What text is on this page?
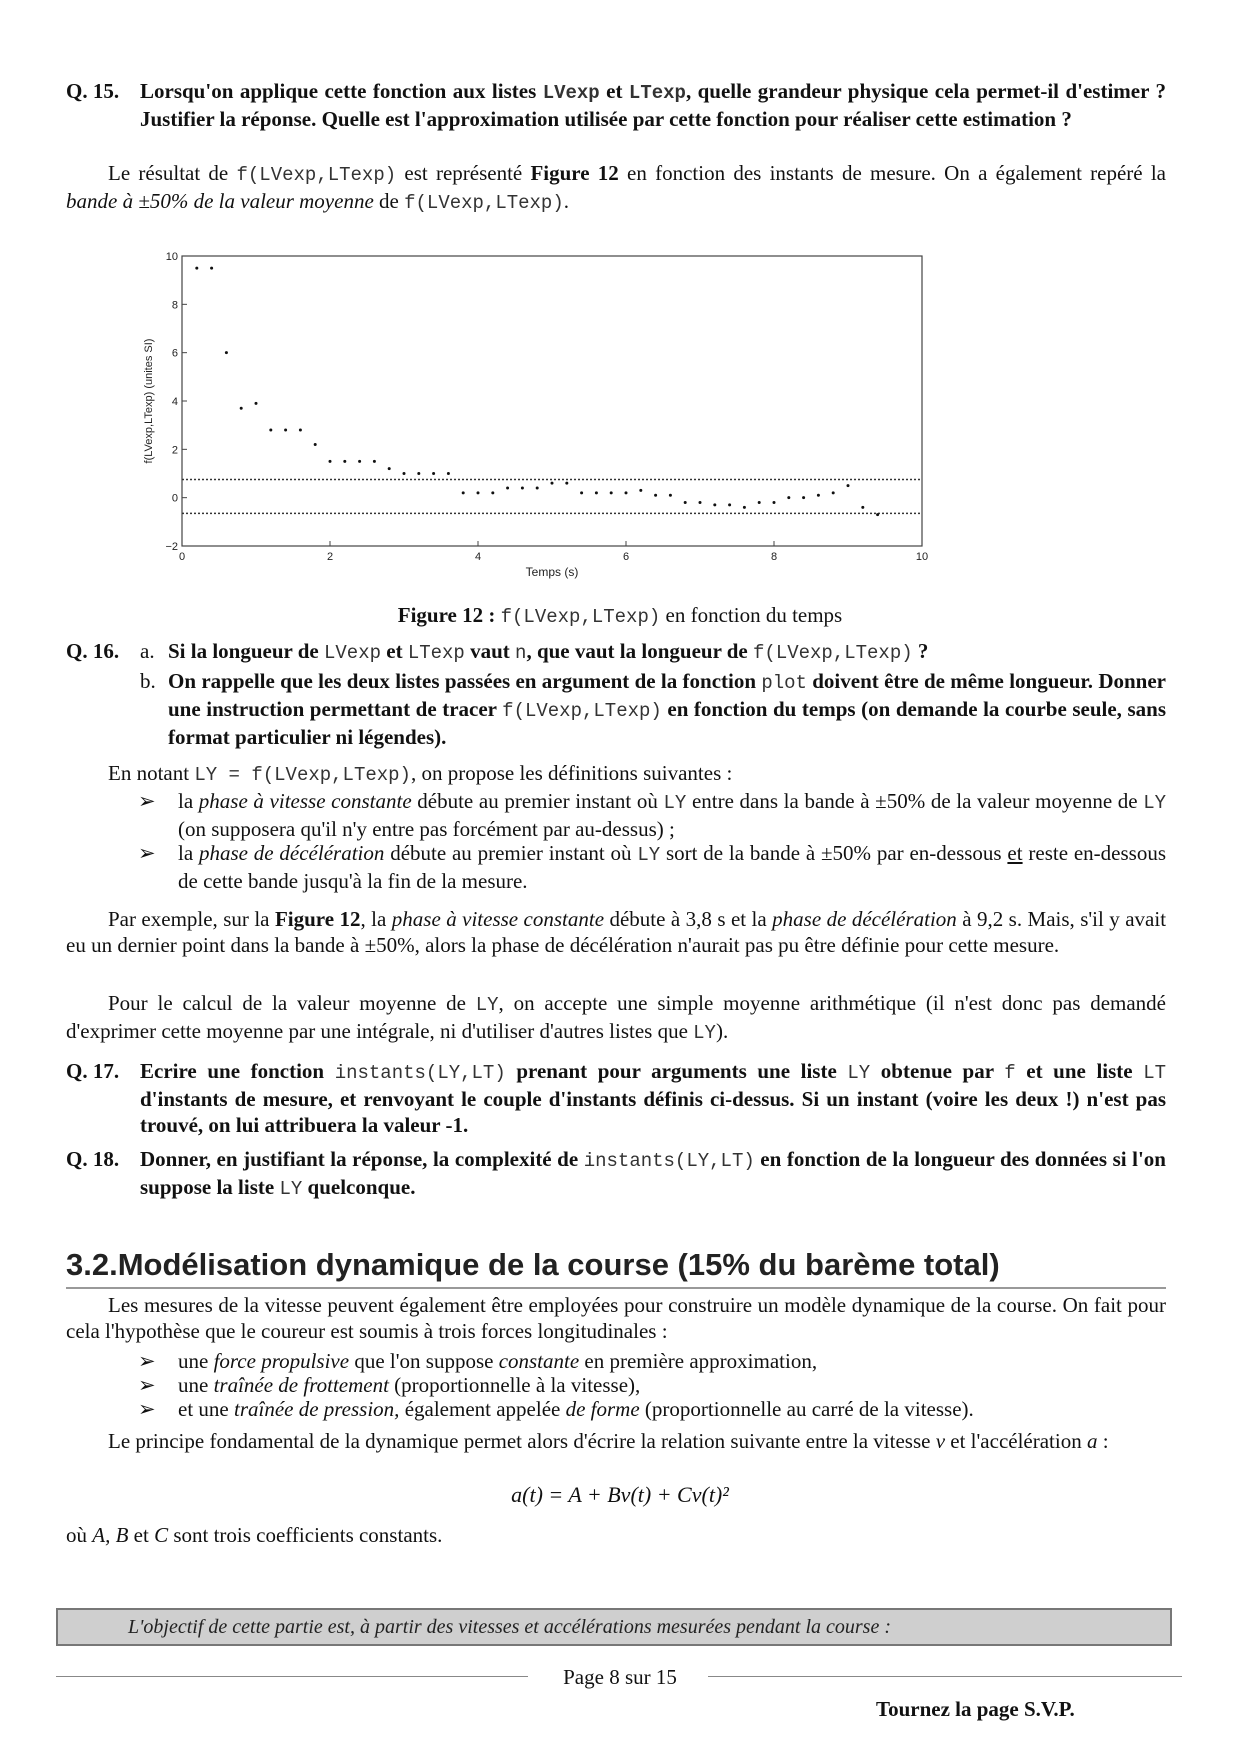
Q. 15. Lorsqu'on applique cette fonction aux listes LVexp et LTexp, quelle grandeur physique cela permet-il d'estimer ? Justifier la réponse. Quelle est l'approximation utilisée par cette fonction pour réaliser cette estimation ?
Le résultat de f(LVexp,LTexp) est représenté Figure 12 en fonction des instants de mesure. On a également repéré la bande à ±50% de la valeur moyenne de f(LVexp,LTexp).
0	2	4	6	8	10
−2
0
2
4
6
8
10
Temps (s)
f(LVexp,LTexp) (unites SI)
Figure 12 : f(LVexp,LTexp) en fonction du temps
Q. 16. a. Si la longueur de LVexp et LTexp vaut n, que vaut la longueur de f(LVexp,LTexp) ?
b. On rappelle que les deux listes passées en argument de la fonction plot doivent être de même longueur. Donner une instruction permettant de tracer f(LVexp,LTexp) en fonction du temps (on demande la courbe seule, sans format particulier ni légendes).
En notant LY = f(LVexp,LTexp), on propose les définitions suivantes :
➢ la phase à vitesse constante débute au premier instant où LY entre dans la bande à ±50% de la valeur moyenne de LY (on supposera qu'il n'y entre pas forcément par au-dessus) ;
➢ la phase de décélération débute au premier instant où LY sort de la bande à ±50% par en-dessous et reste en-dessous de cette bande jusqu'à la fin de la mesure.
Par exemple, sur la Figure 12, la phase à vitesse constante débute à 3,8 s et la phase de décélération à 9,2 s. Mais, s'il y avait eu un dernier point dans la bande à ±50%, alors la phase de décélération n'aurait pas pu être définie pour cette mesure.
Pour le calcul de la valeur moyenne de LY, on accepte une simple moyenne arithmétique (il n'est donc pas demandé d'exprimer cette moyenne par une intégrale, ni d'utiliser d'autres listes que LY).
Q. 17. Ecrire une fonction instants(LY,LT) prenant pour arguments une liste LY obtenue par f et une liste LT d'instants de mesure, et renvoyant le couple d'instants définis ci-dessus. Si un instant (voire les deux !) n'est pas trouvé, on lui attribuera la valeur -1.
Q. 18. Donner, en justifiant la réponse, la complexité de instants(LY,LT) en fonction de la longueur des données si l'on suppose la liste LY quelconque.
3.2.Modélisation dynamique de la course (15% du barème total)
Les mesures de la vitesse peuvent également être employées pour construire un modèle dynamique de la course. On fait pour cela l'hypothèse que le coureur est soumis à trois forces longitudinales :
➢ une force propulsive que l'on suppose constante en première approximation,
➢ une traînée de frottement (proportionnelle à la vitesse),
➢ et une traînée de pression, également appelée de forme (proportionnelle au carré de la vitesse).
Le principe fondamental de la dynamique permet alors d'écrire la relation suivante entre la vitesse v et l'accélération a :
a(t) = A + Bv(t) + Cv(t)²
où A, B et C sont trois coefficients constants.
L'objectif de cette partie est, à partir des vitesses et accélérations mesurées pendant la course :
Page 8 sur 15
Tournez la page S.V.P.
